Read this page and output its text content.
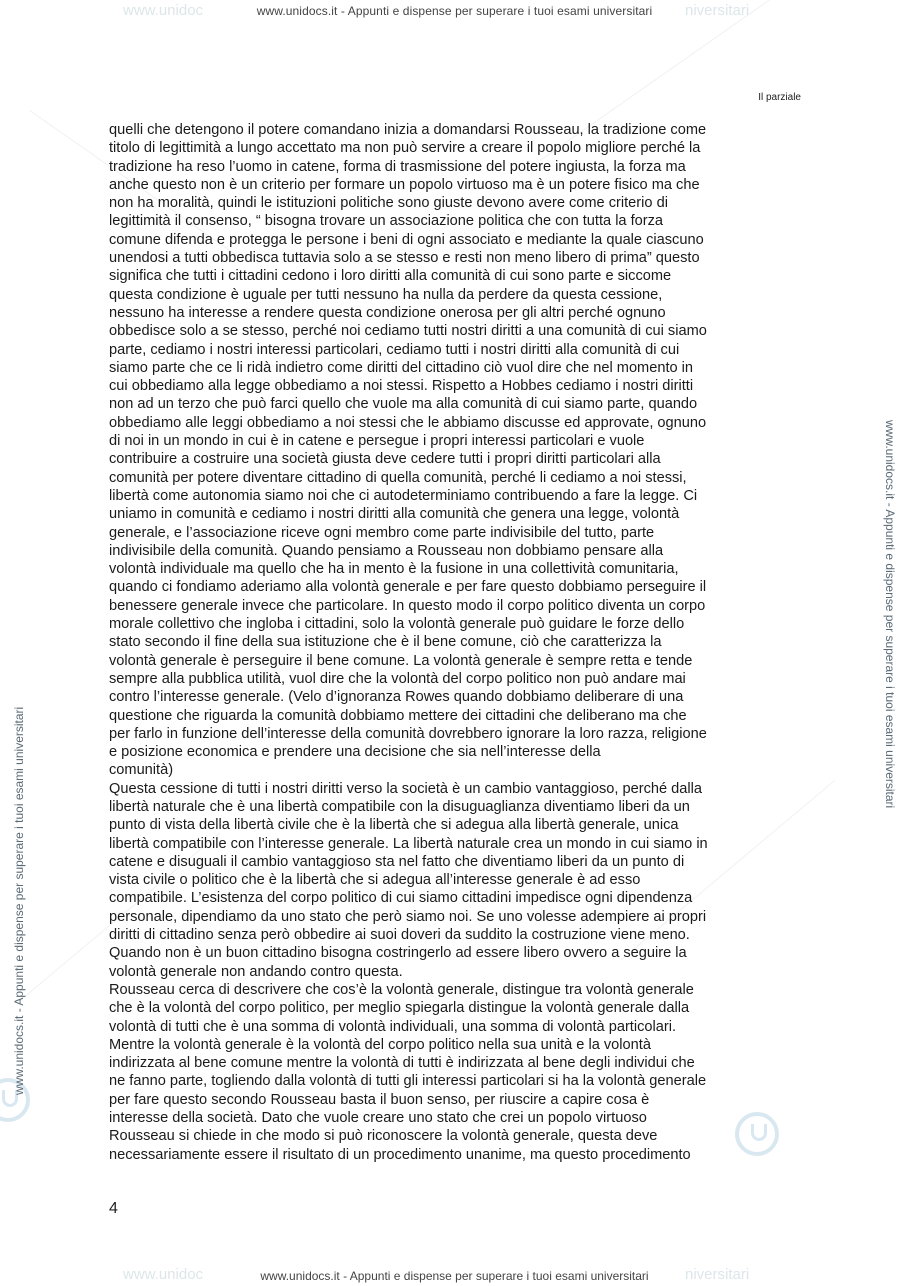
www.unidoc	niversitari
www.unidocs.it - Appunti e dispense per superare i tuoi esami universitari
www.unidocs.it - Appunti e dispense per superare i tuoi esami universitari
www.unidocs.it - Appunti e dispense per superare i tuoi esami universitari
Il parziale

quelli che detengono il potere comandano inizia a domandarsi Rousseau, la tradizione come
titolo di legittimità a lungo accettato ma non può servire a creare il popolo migliore perché la
tradizione ha reso l’uomo in catene, forma di trasmissione del potere ingiusta, la forza ma
anche questo non è un criterio per formare un popolo virtuoso ma è un potere fisico ma che
non ha moralità, quindi le istituzioni politiche sono giuste devono avere come criterio di
legittimità il consenso, “ bisogna trovare un associazione politica che con tutta la forza
comune difenda e protegga le persone i beni di ogni associato e mediante la quale ciascuno
unendosi a tutti obbedisca tuttavia solo a se stesso e resti non meno libero di prima” questo
significa che tutti i cittadini cedono i loro diritti alla comunità di cui sono parte e siccome
questa condizione è uguale per tutti nessuno ha nulla da perdere da questa cessione,
nessuno ha interesse a rendere questa condizione onerosa per gli altri perché ognuno
obbedisce solo a se stesso, perché noi cediamo tutti nostri diritti a una comunità di cui siamo
parte, cediamo i nostri interessi particolari, cediamo tutti i nostri diritti alla comunità di cui
siamo parte che ce li ridà indietro come diritti del cittadino ciò vuol dire che nel momento in
cui obbediamo alla legge obbediamo a noi stessi. Rispetto a Hobbes cediamo i nostri diritti
non ad un terzo che può farci quello che vuole ma alla comunità di cui siamo parte, quando
obbediamo alle leggi obbediamo a noi stessi che le abbiamo discusse ed approvate, ognuno
di noi in un mondo in cui è in catene e persegue i propri interessi particolari e vuole
contribuire a costruire una società giusta deve cedere tutti i propri diritti particolari alla
comunità per potere diventare cittadino di quella comunità, perché li cediamo a noi stessi,
libertà come autonomia siamo noi che ci autodeterminiamo contribuendo a fare la legge. Ci
uniamo in comunità e cediamo i nostri diritti alla comunità che genera una legge, volontà
generale, e l’associazione riceve ogni membro come parte indivisibile del tutto, parte
indivisibile della comunità. Quando pensiamo a Rousseau non dobbiamo pensare alla
volontà individuale ma quello che ha in mento è la fusione in una collettività comunitaria,
quando ci fondiamo aderiamo alla volontà generale e per fare questo dobbiamo perseguire il
benessere generale invece che particolare. In questo modo il corpo politico diventa un corpo
morale collettivo che ingloba i cittadini, solo la volontà generale può guidare le forze dello
stato secondo il fine della sua istituzione che è il bene comune, ciò che caratterizza la
volontà generale è perseguire il bene comune. La volontà generale è sempre retta e tende
sempre alla pubblica utilità, vuol dire che la volontà del corpo politico non può andare mai
contro l’interesse generale. (Velo d’ignoranza Rowes quando dobbiamo deliberare di una
questione che riguarda la comunità dobbiamo mettere dei cittadini che deliberano ma che
per farlo in funzione dell’interesse della comunità dovrebbero ignorare la loro razza, religione
e posizione economica e prendere una decisione che sia nell’interesse della
comunità)

Questa cessione di tutti i nostri diritti verso la società è un cambio vantaggioso, perché dalla
libertà naturale che è una libertà compatibile con la disuguaglianza diventiamo liberi da un
punto di vista della libertà civile che è la libertà che si adegua alla libertà generale, unica
libertà compatibile con l’interesse generale. La libertà naturale crea un mondo in cui siamo in
catene e disuguali il cambio vantaggioso sta nel fatto che diventiamo liberi da un punto di
vista civile o politico che è la libertà che si adegua all’interesse generale è ad esso
compatibile. L’esistenza del corpo politico di cui siamo cittadini impedisce ogni dipendenza
personale, dipendiamo da uno stato che però siamo noi. Se uno volesse adempiere ai propri
diritti di cittadino senza però obbedire ai suoi doveri da suddito la costruzione viene meno.
Quando non è un buon cittadino bisogna costringerlo ad essere libero ovvero a seguire la
volontà generale non andando contro questa.

Rousseau cerca di descrivere che cos’è la volontà generale, distingue tra volontà generale
che è la volontà del corpo politico, per meglio spiegarla distingue la volontà generale dalla
volontà di tutti che è una somma di volontà individuali, una somma di volontà particolari.
Mentre la volontà generale è la volontà del corpo politico nella sua unità e la volontà
indirizzata al bene comune mentre la volontà di tutti è indirizzata al bene degli individui che
ne fanno parte, togliendo dalla volontà di tutti gli interessi particolari si ha la volontà generale
per fare questo secondo Rousseau basta il buon senso, per riuscire a capire cosa è
interesse della società. Dato che vuole creare uno stato che crei un popolo virtuoso
Rousseau si chiede in che modo si può riconoscere la volontà generale, questa deve
necessariamente essere il risultato di un procedimento unanime, ma questo procedimento

4
www.unidoc	niversitari
www.unidocs.it - Appunti e dispense per superare i tuoi esami universitari
